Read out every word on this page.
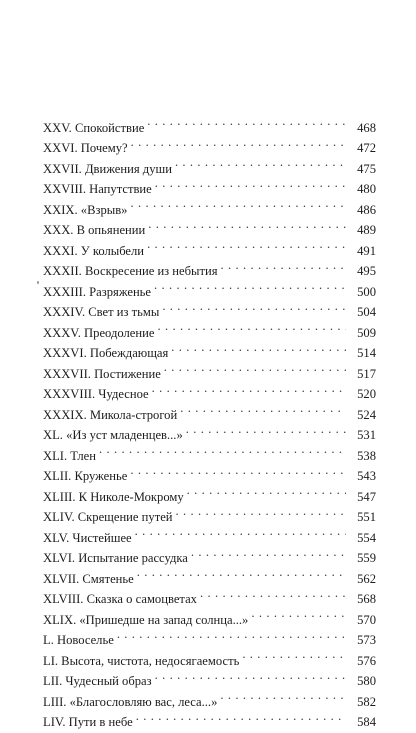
XXV. Спокойствие . . .	468
XXVI. Почему? . . .	472
XXVII. Движения души . . .	475
XXVIII. Напутствие . . .	480
XXIX. «Взрыв» . . .	486
XXX. В опьянении . . .	489
XXXI. У колыбели . . .	491
XXXII. Воскресение из небытия . . .	495
XXXIII. Разряженье . . .	500
XXXIV. Свет из тьмы . . .	504
XXXV. Преодоление . . .	509
XXXVI. Побеждающая . . .	514
XXXVII. Постижение . . .	517
XXXVIII. Чудесное . . .	520
XXXIX. Микола-строгой . . .	524
XL. «Из уст младенцев...» . . .	531
XLI. Тлен . . .	538
XLII. Круженье . . .	543
XLIII. К Николе-Мокрому . . .	547
XLIV. Скрещение путей . . .	551
XLV. Чистейшее . . .	554
XLVI. Испытание рассудка . . .	559
XLVII. Смятенье . . .	562
XLVIII. Сказка о самоцветах . . .	568
XLIX. «Пришедше на запад солнца...» . . .	570
L. Новоселье . . .	573
LI. Высота, чистота, недосягаемость . . .	576
LII. Чудесный образ . . .	580
LIII. «Благословляю вас, леса...» . . .	582
LIV. Пути в небе . . .	584
